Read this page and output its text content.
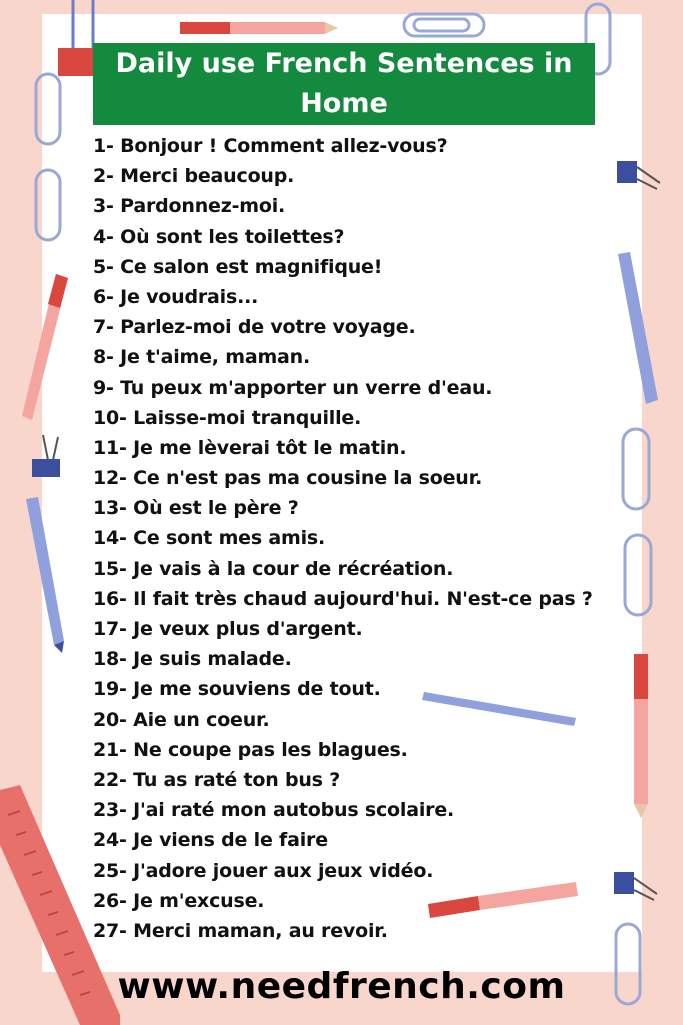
Daily use French Sentences in Home
1- Bonjour ! Comment allez-vous?
2- Merci beaucoup.
3- Pardonnez-moi.
4- Où sont les toilettes?
5- Ce salon est magnifique!
6- Je voudrais...
7- Parlez-moi de votre voyage.
8- Je t'aime, maman.
9- Tu peux m'apporter un verre d'eau.
10- Laisse-moi tranquille.
11- Je me lèverai tôt le matin.
12- Ce n'est pas ma cousine la soeur.
13- Où est le père ?
14- Ce sont mes amis.
15- Je vais à la cour de récréation.
16- Il fait très chaud aujourd'hui. N'est-ce pas ?
17- Je veux plus d'argent.
18- Je suis malade.
19- Je me souviens de tout.
20- Aie un coeur.
21- Ne coupe pas les blagues.
22- Tu as raté ton bus ?
23- J'ai raté mon autobus scolaire.
24- Je viens de le faire
25- J'adore jouer aux jeux vidéo.
26- Je m'excuse.
27- Merci maman, au revoir.
www.needfrench.com
